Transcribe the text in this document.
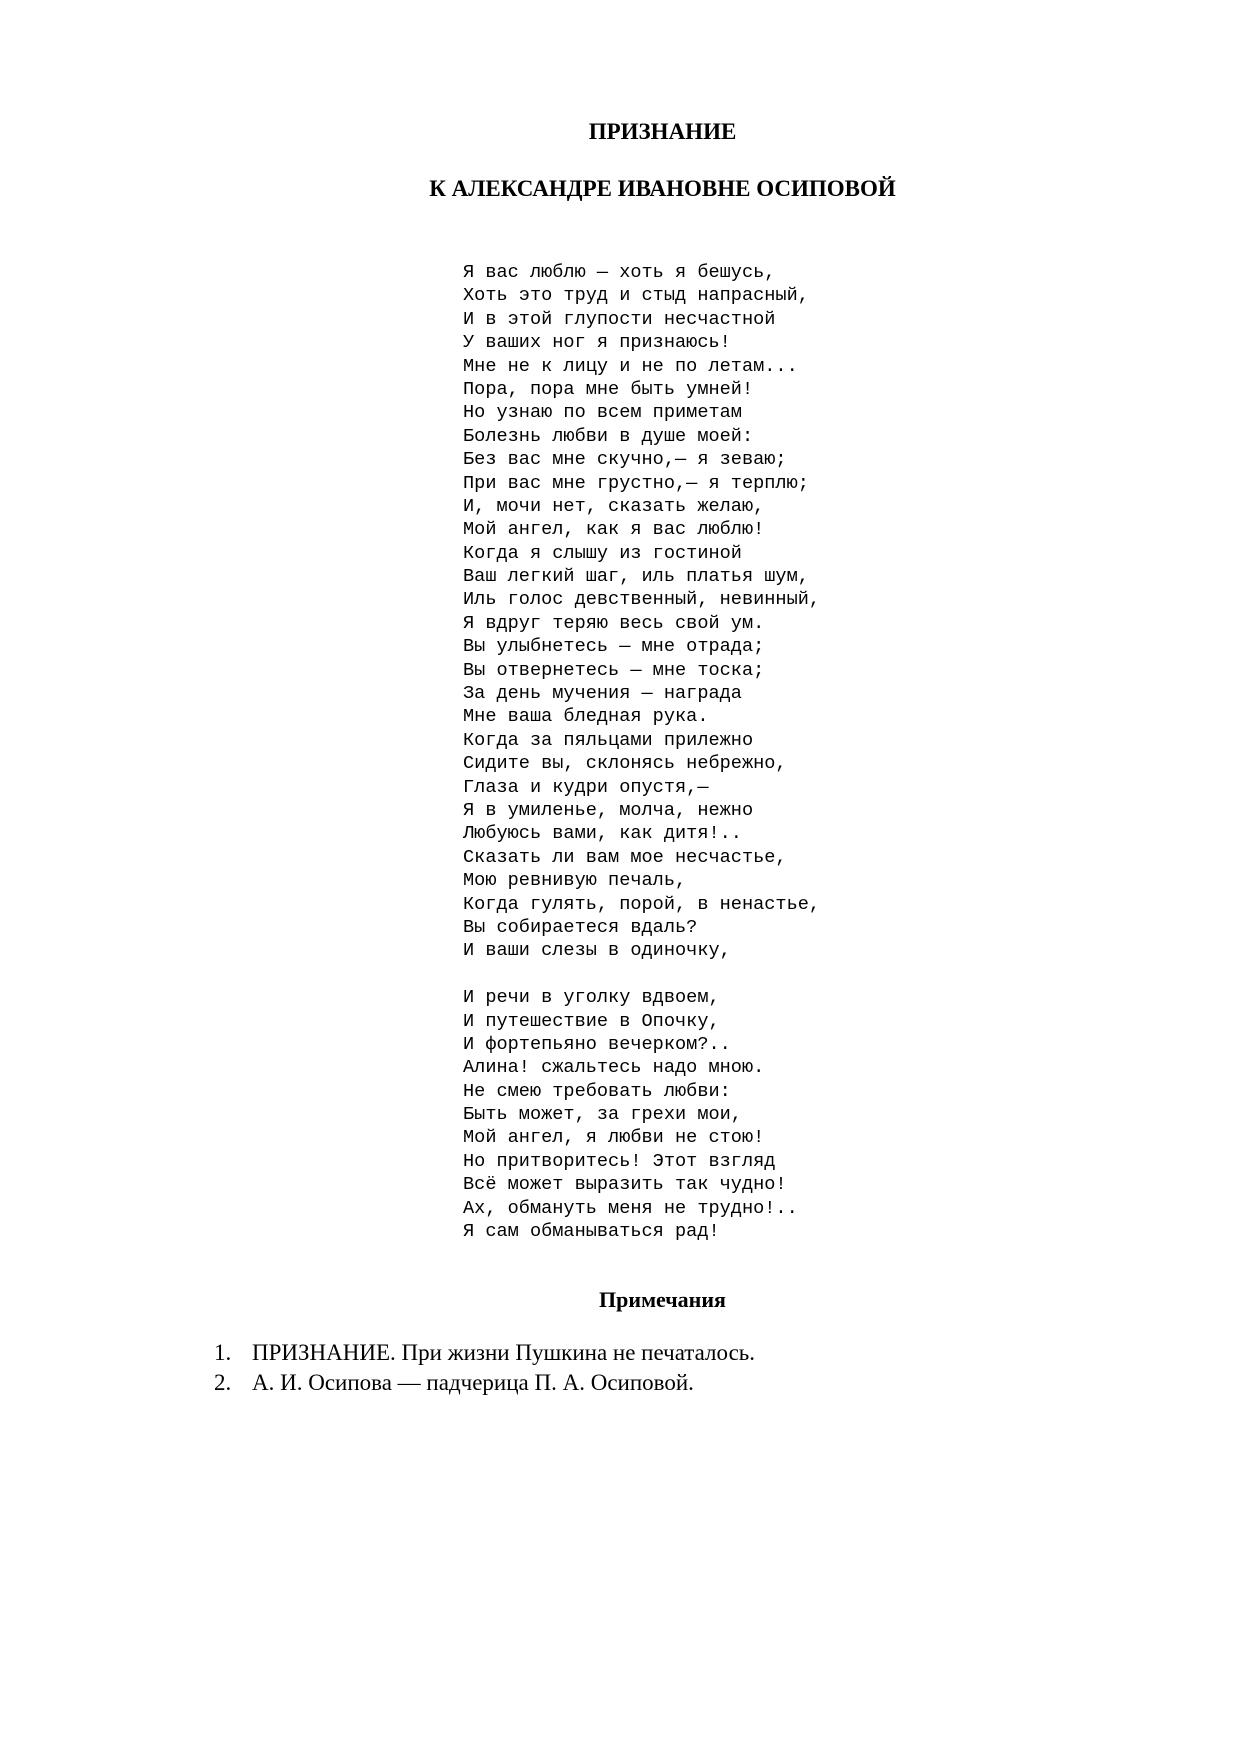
ПРИЗНАНИЕ
К АЛЕКСАНДРЕ ИВАНОВНЕ ОСИПОВОЙ
Я вас люблю — хоть я бешусь,
Хоть это труд и стыд напрасный,
И в этой глупости несчастной
У ваших ног я признаюсь!
Мне не к лицу и не по летам...
Пора, пора мне быть умней!
Но узнаю по всем приметам
Болезнь любви в душе моей:
Без вас мне скучно,— я зеваю;
При вас мне грустно,— я терплю;
И, мочи нет, сказать желаю,
Мой ангел, как я вас люблю!
Когда я слышу из гостиной
Ваш легкий шаг, иль платья шум,
Иль голос девственный, невинный,
Я вдруг теряю весь свой ум.
Вы улыбнетесь — мне отрада;
Вы отвернетесь — мне тоска;
За день мучения — награда
Мне ваша бледная рука.
Когда за пяльцами прилежно
Сидите вы, склонясь небрежно,
Глаза и кудри опустя,—
Я в умиленье, молча, нежно
Любуюсь вами, как дитя!..
Сказать ли вам мое несчастье,
Мою ревнивую печаль,
Когда гулять, порой, в ненастье,
Вы собираетеся вдаль?
И ваши слезы в одиночку,
И речи в уголку вдвоем,
И путешествие в Опочку,
И фортепьяно вечерком?..
Алина! сжальтесь надо мною.
Не смею требовать любви:
Быть может, за грехи мои,
Мой ангел, я любви не стою!
Но притворитесь! Этот взгляд
Всё может выразить так чудно!
Ах, обмануть меня не трудно!..
Я сам обманываться рад!
Примечания
1. ПРИЗНАНИЕ. При жизни Пушкина не печаталось.
2. А. И. Осипова — падчерица П. А. Осиповой.
